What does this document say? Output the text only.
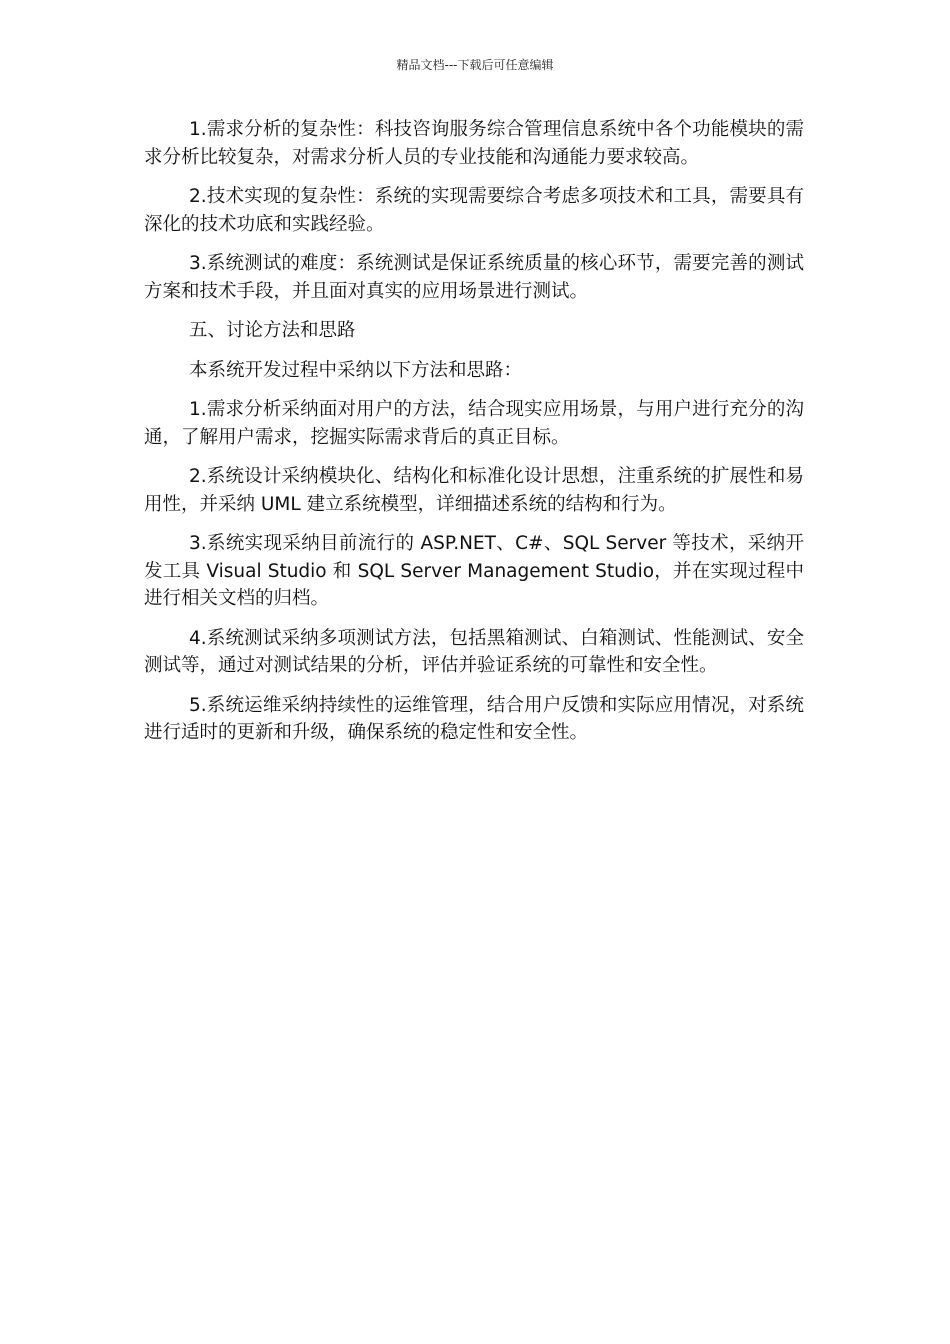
精品文档---下载后可任意编辑

1.需求分析的复杂性：科技咨询服务综合管理信息系统中各个功能模块的需求分析比较复杂，对需求分析人员的专业技能和沟通能力要求较高。

2.技术实现的复杂性：系统的实现需要综合考虑多项技术和工具，需要具有深化的技术功底和实践经验。

3.系统测试的难度：系统测试是保证系统质量的核心环节，需要完善的测试方案和技术手段，并且面对真实的应用场景进行测试。

五、讨论方法和思路

本系统开发过程中采纳以下方法和思路：

1.需求分析采纳面对用户的方法，结合现实应用场景，与用户进行充分的沟通，了解用户需求，挖掘实际需求背后的真正目标。

2.系统设计采纳模块化、结构化和标准化设计思想，注重系统的扩展性和易用性，并采纳 UML 建立系统模型，详细描述系统的结构和行为。

3.系统实现采纳目前流行的 ASP.NET、C#、SQL Server 等技术，采纳开发工具 Visual Studio 和 SQL Server Management Studio，并在实现过程中进行相关文档的归档。

4.系统测试采纳多项测试方法，包括黑箱测试、白箱测试、性能测试、安全测试等，通过对测试结果的分析，评估并验证系统的可靠性和安全性。

5.系统运维采纳持续性的运维管理，结合用户反馈和实际应用情况，对系统进行适时的更新和升级，确保系统的稳定性和安全性。
